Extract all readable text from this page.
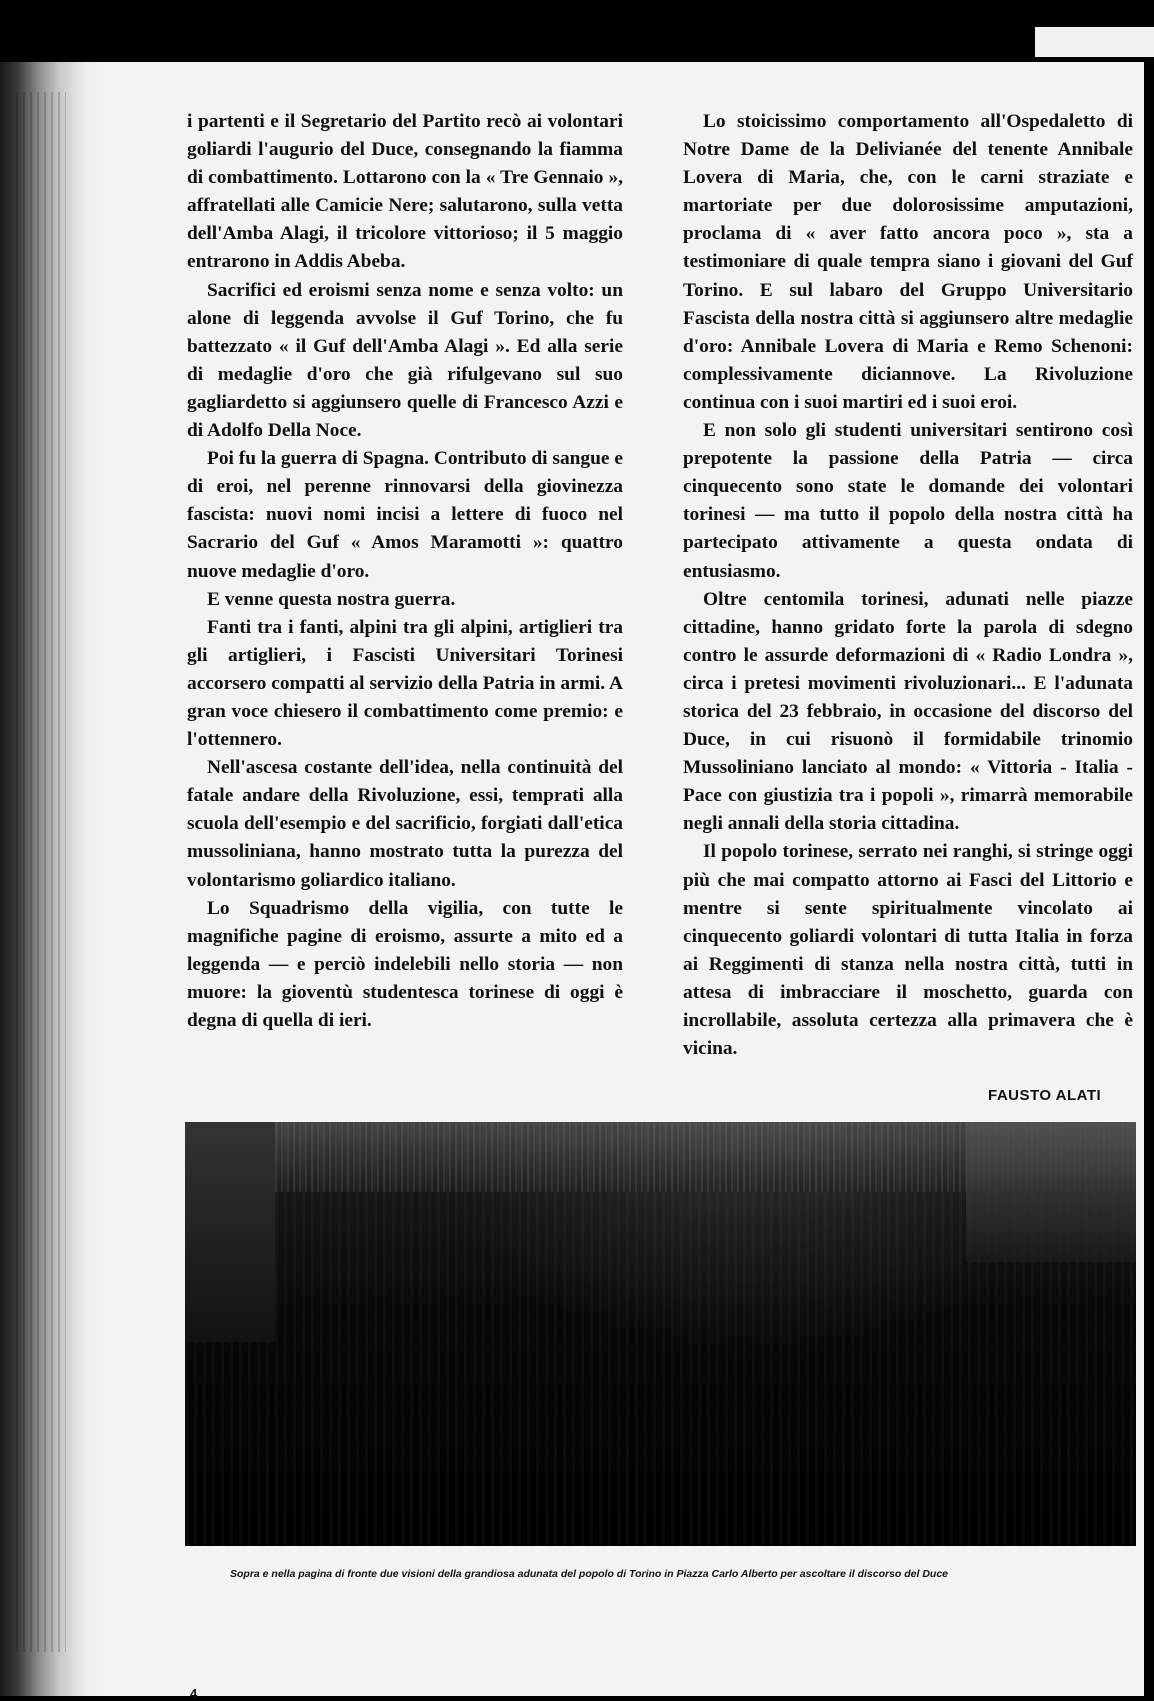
i partenti e il Segretario del Partito recò ai volontari goliardi l'augurio del Duce, consegnando la fiamma di combattimento. Lottarono con la « Tre Gennaio », affratellati alle Camicie Nere; salutarono, sulla vetta dell'Amba Alagi, il tricolore vittorioso; il 5 maggio entrarono in Addis Abeba.

Sacrifici ed eroismi senza nome e senza volto: un alone di leggenda avvolse il Guf Torino, che fu battezzato « il Guf dell'Amba Alagi ». Ed alla serie di medaglie d'oro che già rifulgevano sul suo gagliardetto si aggiunsero quelle di Francesco Azzi e di Adolfo Della Noce.

Poi fu la guerra di Spagna. Contributo di sangue e di eroi, nel perenne rinnovarsi della giovinezza fascista: nuovi nomi incisi a lettere di fuoco nel Sacrario del Guf « Amos Maramotti »: quattro nuove medaglie d'oro.

E venne questa nostra guerra.

Fanti tra i fanti, alpini tra gli alpini, artiglieri tra gli artiglieri, i Fascisti Universitari Torinesi accorsero compatti al servizio della Patria in armi. A gran voce chiesero il combattimento come premio: e l'ottennero.

Nell'ascesa costante dell'idea, nella continuità del fatale andare della Rivoluzione, essi, temprati alla scuola dell'esempio e del sacrificio, forgiati dall'etica mussoliniana, hanno mostrato tutta la purezza del volontarismo goliardico italiano.

Lo Squadrismo della vigilia, con tutte le magnifiche pagine di eroismo, assurte a mito ed a leggenda — e perciò indelebili nello storia — non muore: la gioventù studentesca torinese di oggi è degna di quella di ieri.

Lo stoicissimo comportamento all'Ospedaletto di Notre Dame de la Delivianée del tenente Annibale Lovera di Maria, che, con le carni straziate e martoriate per due dolorosissime amputazioni, proclama di « aver fatto ancora poco », sta a testimoniare di quale tempra siano i giovani del Guf Torino. E sul labaro del Gruppo Universitario Fascista della nostra città si aggiunsero altre medaglie d'oro: Annibale Lovera di Maria e Remo Schenoni: complessivamente diciannove. La Rivoluzione continua con i suoi martiri ed i suoi eroi.

E non solo gli studenti universitari sentirono così prepotente la passione della Patria — circa cinquecento sono state le domande dei volontari torinesi — ma tutto il popolo della nostra città ha partecipato attivamente a questa ondata di entusiasmo.

Oltre centomila torinesi, adunati nelle piazze cittadine, hanno gridato forte la parola di sdegno contro le assurde deformazioni di « Radio Londra », circa i pretesi movimenti rivoluzionari... E l'adunata storica del 23 febbraio, in occasione del discorso del Duce, in cui risuonò il formidabile trinomio Mussoliniano lanciato al mondo: « Vittoria - Italia - Pace con giustizia tra i popoli », rimarrà memorabile negli annali della storia cittadina.

Il popolo torinese, serrato nei ranghi, si stringe oggi più che mai compatto attorno ai Fasci del Littorio e mentre si sente spiritualmente vincolato ai cinquecento goliardi volontari di tutta Italia in forza ai Reggimenti di stanza nella nostra città, tutti in attesa di imbracciare il moschetto, guarda con incrollabile, assoluta certezza alla primavera che è vicina.

FAUSTO ALATI
Sopra e nella pagina di fronte due visioni della grandiosa adunata del popolo di Torino in Piazza Carlo Alberto per ascoltare il discorso del Duce
4
